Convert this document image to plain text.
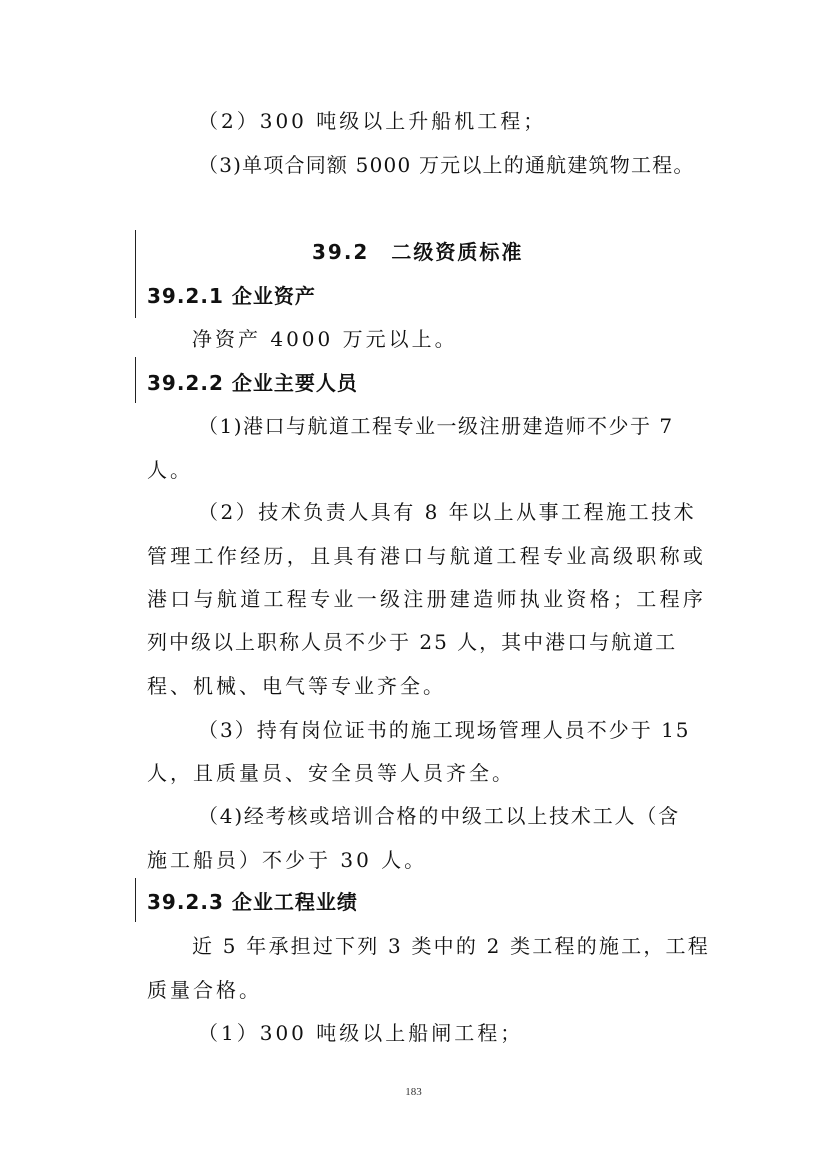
（2）300 吨级以上升船机工程；
（3)单项合同额 5000 万元以上的通航建筑物工程。
39.2　二级资质标准
39.2.1 企业资产
净资产 4000 万元以上。
39.2.2 企业主要人员
（1)港口与航道工程专业一级注册建造师不少于 7
人。
（2）技术负责人具有 8 年以上从事工程施工技术
管理工作经历，且具有港口与航道工程专业高级职称或
港口与航道工程专业一级注册建造师执业资格；工程序
列中级以上职称人员不少于 25 人，其中港口与航道工
程、机械、电气等专业齐全。
（3）持有岗位证书的施工现场管理人员不少于 15
人，且质量员、安全员等人员齐全。
（4)经考核或培训合格的中级工以上技术工人（含
施工船员）不少于 30 人。
39.2.3 企业工程业绩
近 5 年承担过下列 3 类中的 2 类工程的施工，工程
质量合格。
（1）300 吨级以上船闸工程；
183
